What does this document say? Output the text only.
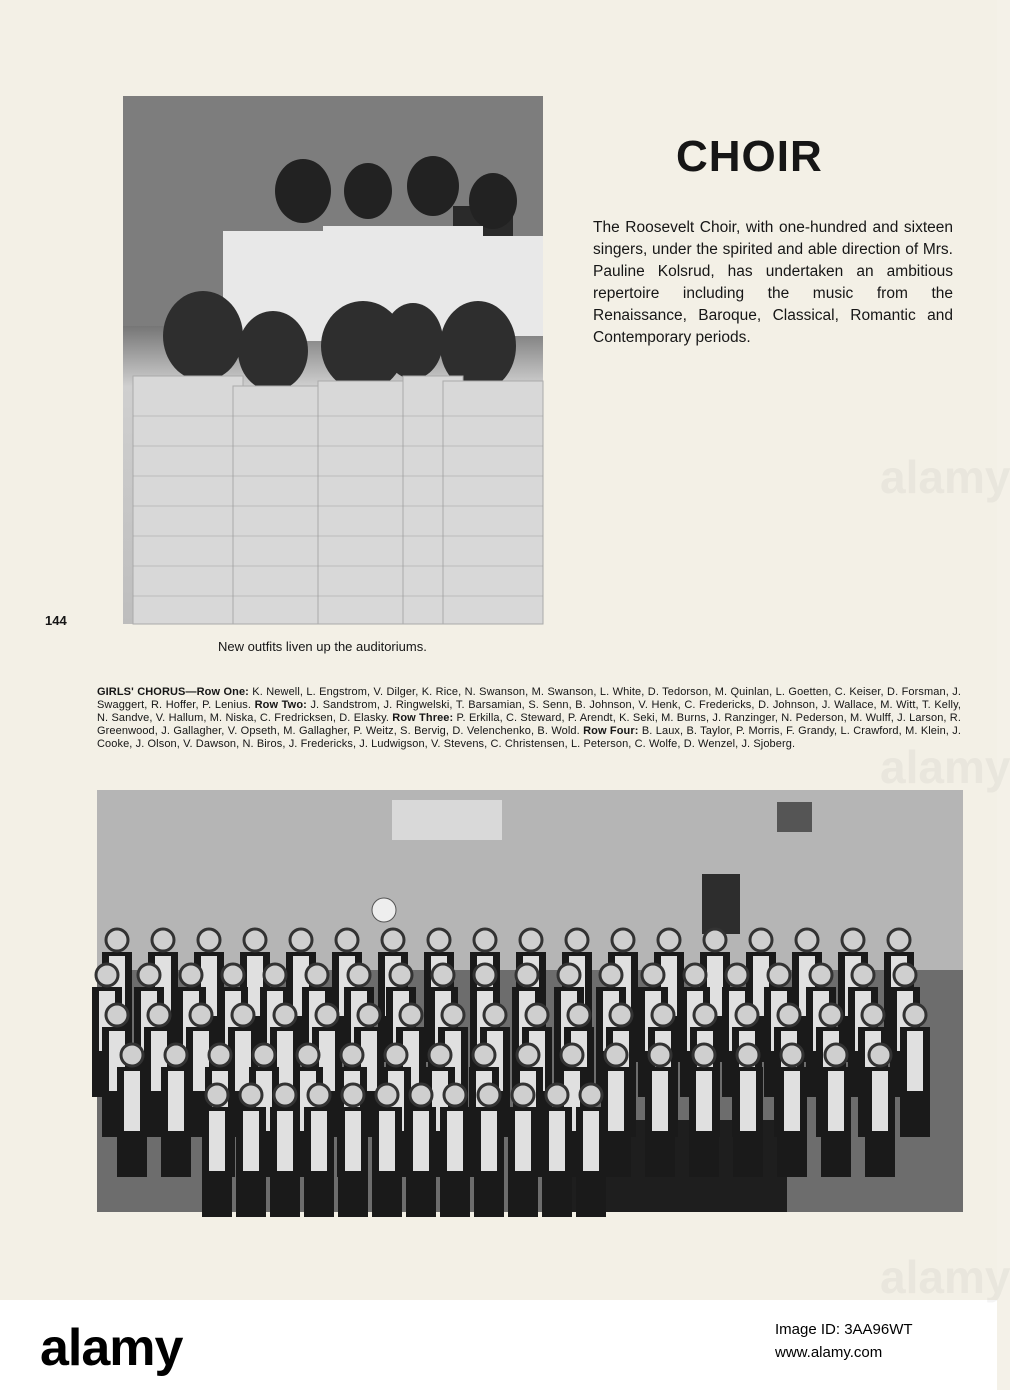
CHOIR
The Roosevelt Choir, with one-hundred and sixteen singers, under the spirited and able direction of Mrs. Pauline Kolsrud, has undertaken an ambitious repertoire including the music from the Renaissance, Baroque, Classical, Romantic and Contemporary periods.
144
New outfits liven up the auditoriums.
GIRLS' CHORUS—Row One: K. Newell, L. Engstrom, V. Dilger, K. Rice, N. Swanson, M. Swanson, L. White, D. Tedorson, M. Quinlan, L. Goetten, C. Keiser, D. Forsman, J. Swaggert, R. Hoffer, P. Lenius. Row Two: J. Sandstrom, J. Ringwelski, T. Barsamian, S. Senn, B. Johnson, V. Henk, C. Fredericks, D. Johnson, J. Wallace, M. Witt, T. Kelly, N. Sandve, V. Hallum, M. Niska, C. Fredricksen, D. Elasky. Row Three: P. Erkilla, C. Steward, P. Arendt, K. Seki, M. Burns, J. Ranzinger, N. Pederson, M. Wulff, J. Larson, R. Greenwood, J. Gallagher, V. Opseth, M. Gallagher, P. Weitz, S. Bervig, D. Velenchenko, B. Wold. Row Four: B. Laux, B. Taylor, P. Morris, F. Grandy, L. Crawford, M. Klein, J. Cooke, J. Olson, V. Dawson, N. Biros, J. Fredericks, J. Ludwigson, V. Stevens, C. Christensen, L. Peterson, C. Wolfe, D. Wenzel, J. Sjoberg.
alamy	Image ID: 3AA96WT
www.alamy.com
alamy
alamy
alamy
